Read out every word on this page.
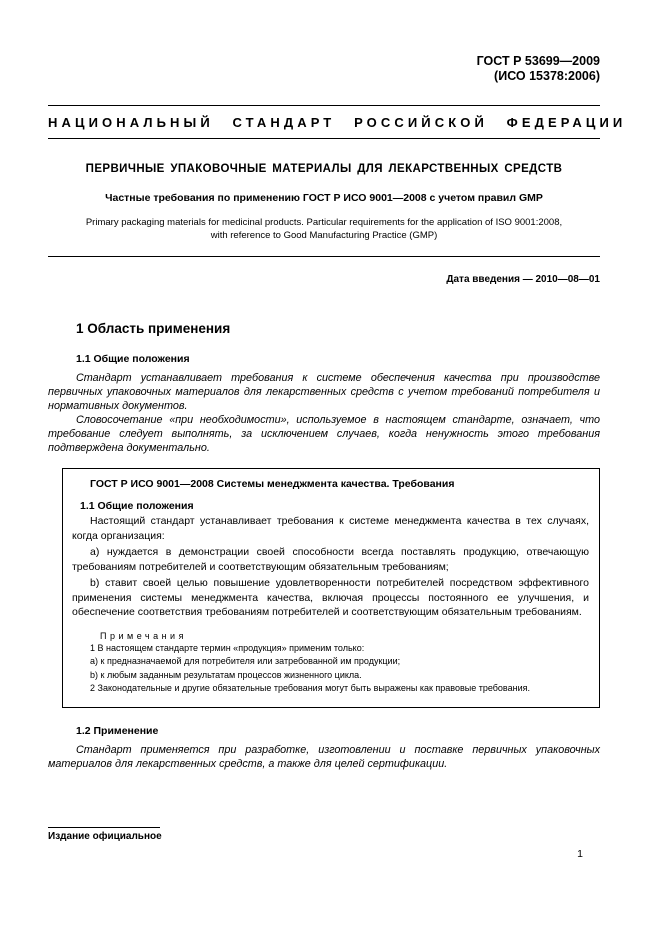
ГОСТ Р 53699—2009
(ИСО 15378:2006)
НАЦИОНАЛЬНЫЙ СТАНДАРТ РОССИЙСКОЙ ФЕДЕРАЦИИ
ПЕРВИЧНЫЕ УПАКОВОЧНЫЕ МАТЕРИАЛЫ ДЛЯ ЛЕКАРСТВЕННЫХ СРЕДСТВ
Частные требования по применению ГОСТ Р ИСО 9001—2008 с учетом правил GMP
Primary packaging materials for medicinal products. Particular requirements for the application of ISO 9001:2008,
with reference to Good Manufacturing Practice (GMP)
Дата введения — 2010—08—01
1 Область применения
1.1 Общие положения
Стандарт устанавливает требования к системе обеспечения качества при производстве первичных упаковочных материалов для лекарственных средств с учетом требований потребителя и нормативных документов.
Словосочетание «при необходимости», используемое в настоящем стандарте, означает, что требование следует выполнять, за исключением случаев, когда ненужность этого требования подтверждена документально.
ГОСТ Р ИСО 9001—2008 Системы менеджмента качества. Требования
1.1 Общие положения
Настоящий стандарт устанавливает требования к системе менеджмента качества в тех случаях, когда организация:
a) нуждается в демонстрации своей способности всегда поставлять продукцию, отвечающую требованиям потребителей и соответствующим обязательным требованиям;
b) ставит своей целью повышение удовлетворенности потребителей посредством эффективного применения системы менеджмента качества, включая процессы постоянного ее улучшения, и обеспечение соответствия требованиям потребителей и соответствующим обязательным требованиям.
Примечания
1 В настоящем стандарте термин «продукция» применим только:
a) к предназначаемой для потребителя или затребованной им продукции;
b) к любым заданным результатам процессов жизненного цикла.
2 Законодательные и другие обязательные требования могут быть выражены как правовые требования.
1.2 Применение
Стандарт применяется при разработке, изготовлении и поставке первичных упаковочных материалов для лекарственных средств, а также для целей сертификации.
Издание официальное
1
